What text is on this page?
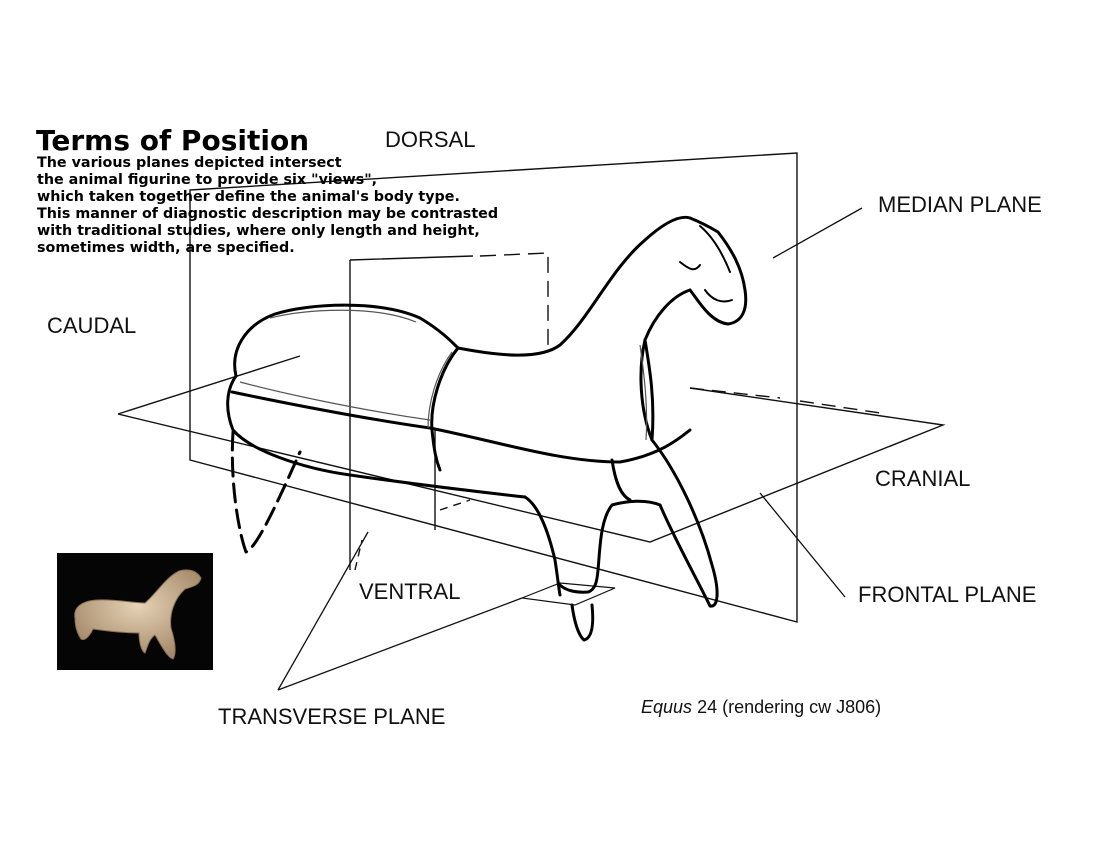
Terms of Position
The various planes depicted intersect
the animal figurine to provide six "views",
which taken together define the animal's body type.
This manner of diagnostic description may be contrasted
with traditional studies, where only length and height,
sometimes width, are specified.
DORSAL
CAUDAL
MEDIAN PLANE
CRANIAL
VENTRAL	FRONTAL PLANE
TRANSVERSE PLANE	Equus 24 (rendering cw J806)
